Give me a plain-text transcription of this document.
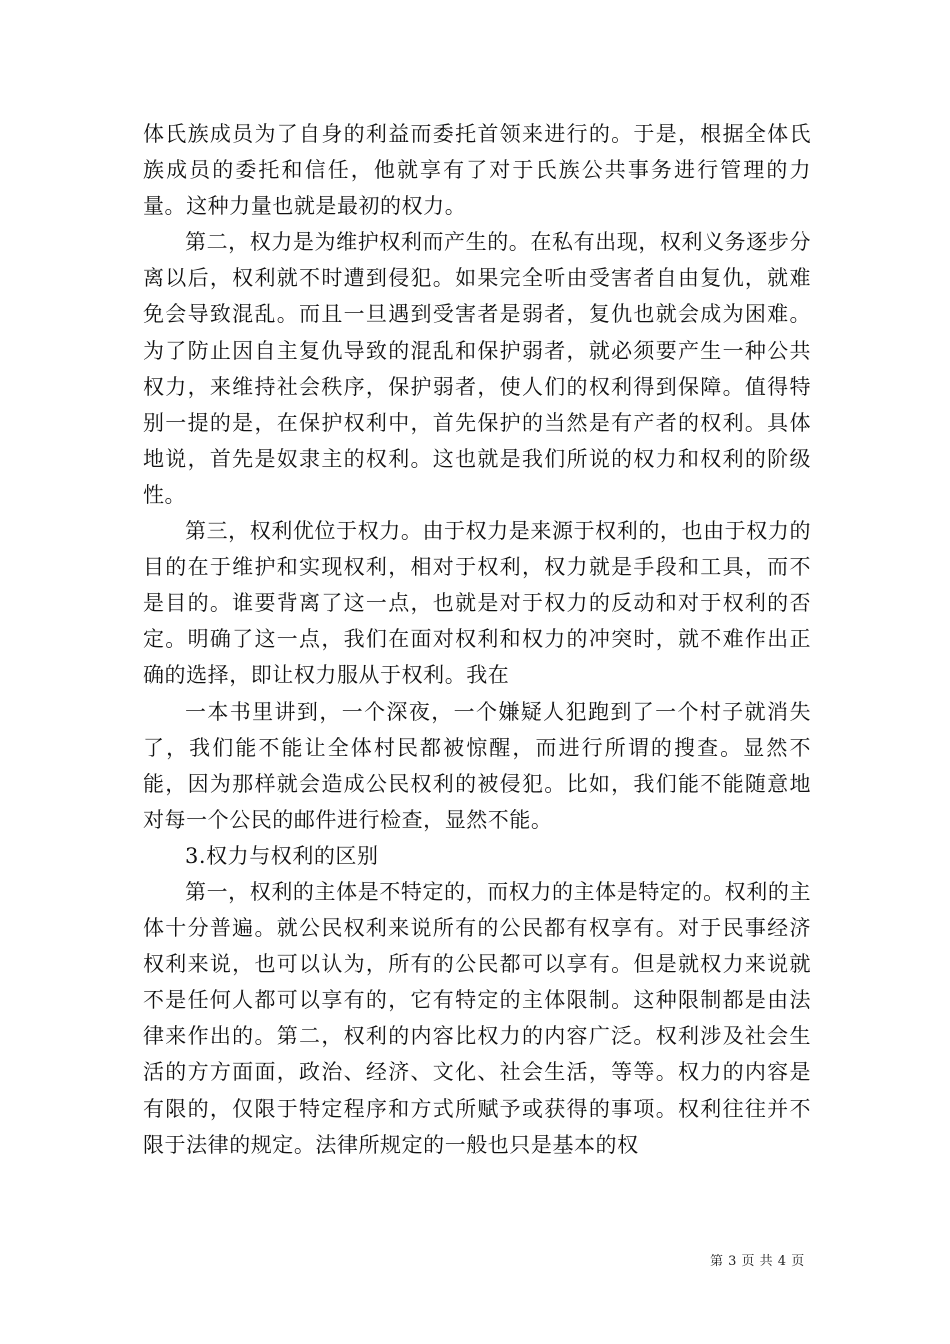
体氏族成员为了自身的利益而委托首领来进行的。于是，根据全体氏族成员的委托和信任，他就享有了对于氏族公共事务进行管理的力量。这种力量也就是最初的权力。

第二，权力是为维护权利而产生的。在私有出现，权利义务逐步分离以后，权利就不时遭到侵犯。如果完全听由受害者自由复仇，就难免会导致混乱。而且一旦遇到受害者是弱者，复仇也就会成为困难。为了防止因自主复仇导致的混乱和保护弱者，就必须要产生一种公共权力，来维持社会秩序，保护弱者，使人们的权利得到保障。值得特别一提的是，在保护权利中，首先保护的当然是有产者的权利。具体地说，首先是奴隶主的权利。这也就是我们所说的权力和权利的阶级性。

第三，权利优位于权力。由于权力是来源于权利的，也由于权力的目的在于维护和实现权利，相对于权利，权力就是手段和工具，而不是目的。谁要背离了这一点，也就是对于权力的反动和对于权利的否定。明确了这一点，我们在面对权利和权力的冲突时，就不难作出正确的选择，即让权力服从于权利。我在

一本书里讲到，一个深夜，一个嫌疑人犯跑到了一个村子就消失了，我们能不能让全体村民都被惊醒，而进行所谓的搜查。显然不能，因为那样就会造成公民权利的被侵犯。比如，我们能不能随意地对每一个公民的邮件进行检查，显然不能。

3.权力与权利的区别

第一，权利的主体是不特定的，而权力的主体是特定的。权利的主体十分普遍。就公民权利来说所有的公民都有权享有。对于民事经济权利来说，也可以认为，所有的公民都可以享有。但是就权力来说就不是任何人都可以享有的，它有特定的主体限制。这种限制都是由法律来作出的。第二，权利的内容比权力的内容广泛。权利涉及社会生活的方方面面，政治、经济、文化、社会生活，等等。权力的内容是有限的，仅限于特定程序和方式所赋予或获得的事项。权利往往并不限于法律的规定。法律所规定的一般也只是基本的权

第 3 页 共 4 页
